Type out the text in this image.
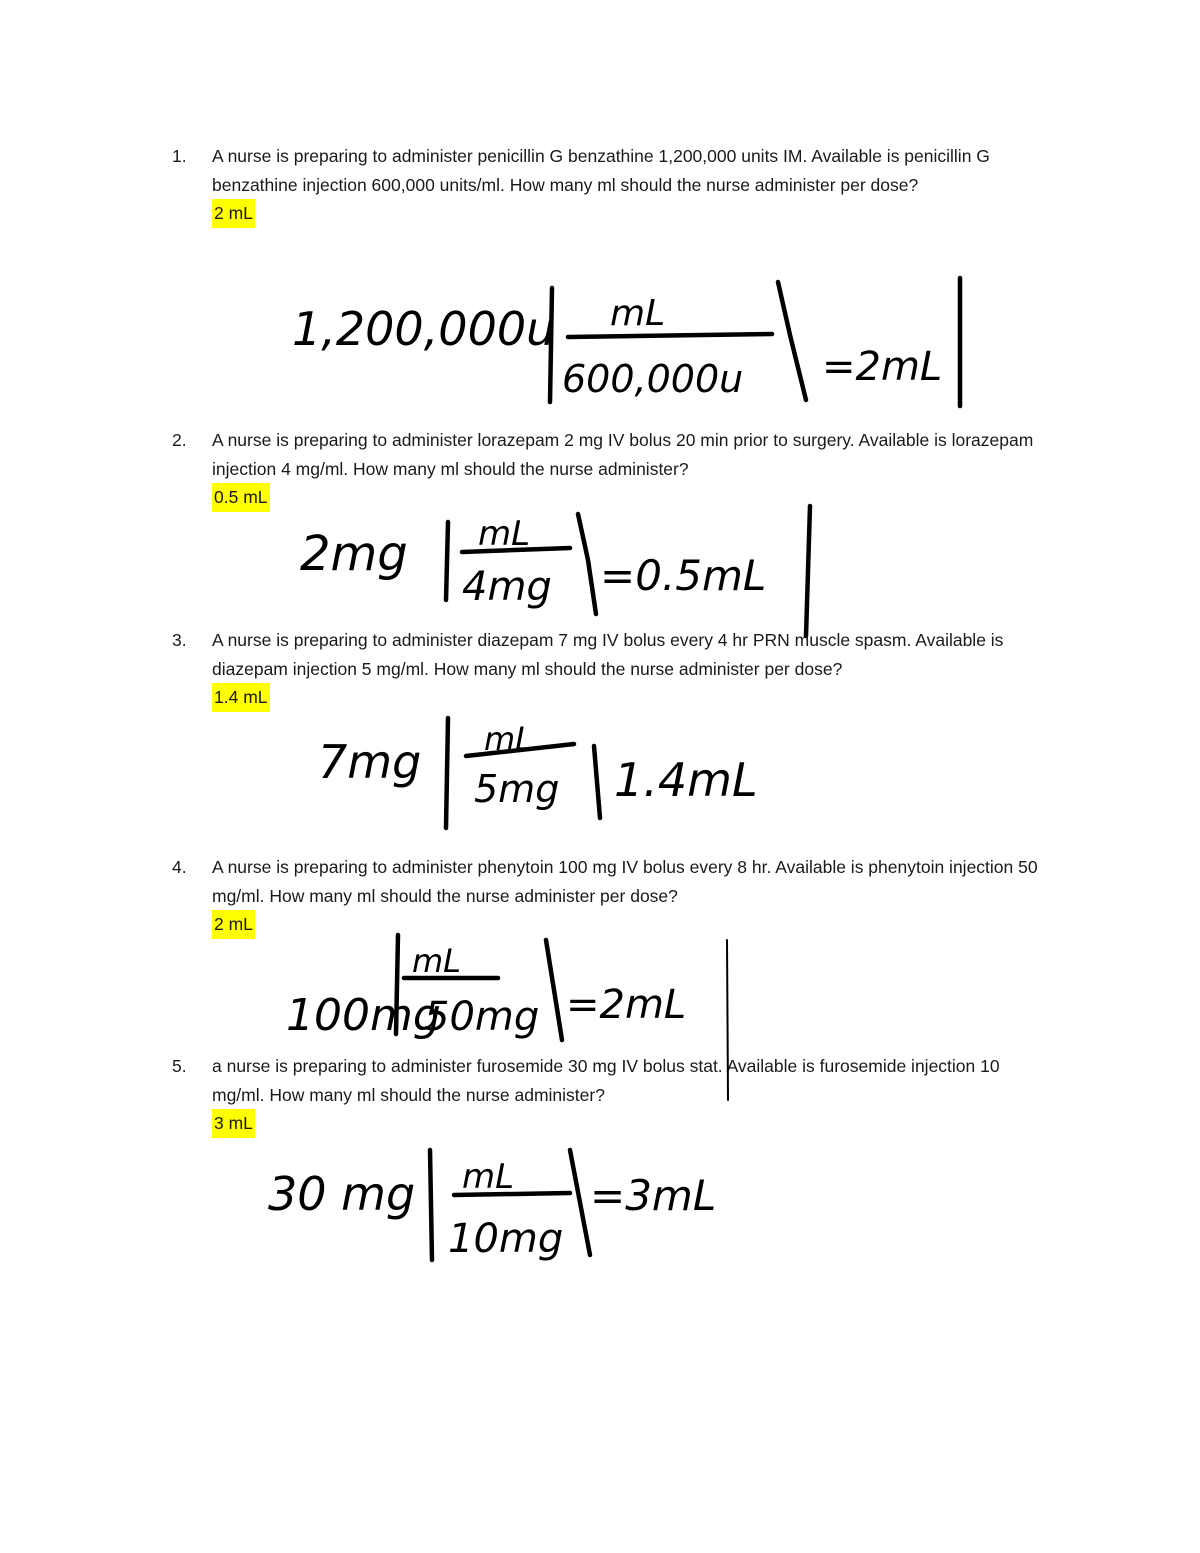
1.	A nurse is preparing to administer penicillin G benzathine 1,200,000 units IM. Available is penicillin G benzathine injection 600,000 units/ml. How many ml should the nurse administer per dose?
2 mL
2.	A nurse is preparing to administer lorazepam 2 mg IV bolus 20 min prior to surgery. Available is lorazepam injection 4 mg/ml. How many ml should the nurse administer?
0.5 mL
3.	A nurse is preparing to administer diazepam 7 mg IV bolus every 4 hr PRN muscle spasm. Available is diazepam injection 5 mg/ml. How many ml should the nurse administer per dose?
1.4 mL
4.	A nurse is preparing to administer phenytoin 100 mg IV bolus every 8 hr. Available is phenytoin injection 50 mg/ml. How many ml should the nurse administer per dose?
2 mL
5.	a nurse is preparing to administer furosemide 30 mg IV bolus stat. Available is furosemide injection 10 mg/ml. How many ml should the nurse administer?
3 mL
1,200,000u mL
600,000u =2mL
2mg mL
4mg =0.5mL
7mg mL
5mg 1.4mL
100mg
mL
50mg =2mL
30 mg mL
10mg
=3mL
